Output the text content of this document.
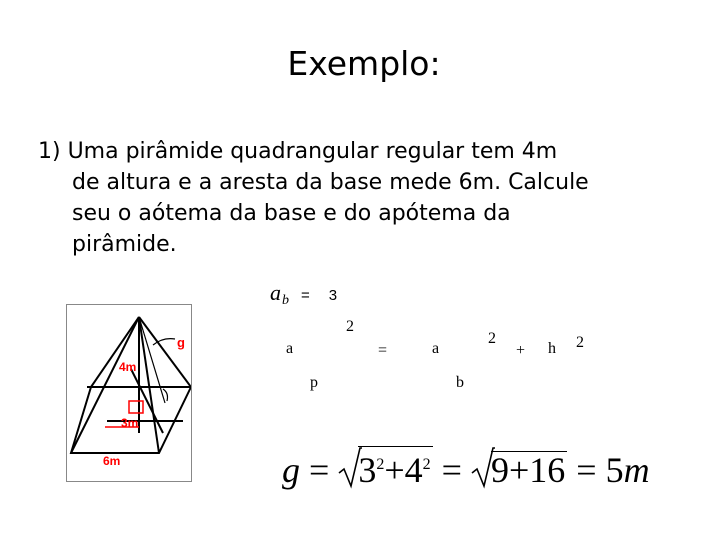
Exemplo:
1) Uma pirâmide quadrangular regular tem 4m
de altura e a aresta da base mede 6m. Calcule
seu o aótema da base e do apótema da
pirâmide.
g
4m
3m
6m
$a_b = 3$
a
p
2
=	a
b
2
+ h 2
$g = 3^2+4^2 = 9+16 = 5m$
